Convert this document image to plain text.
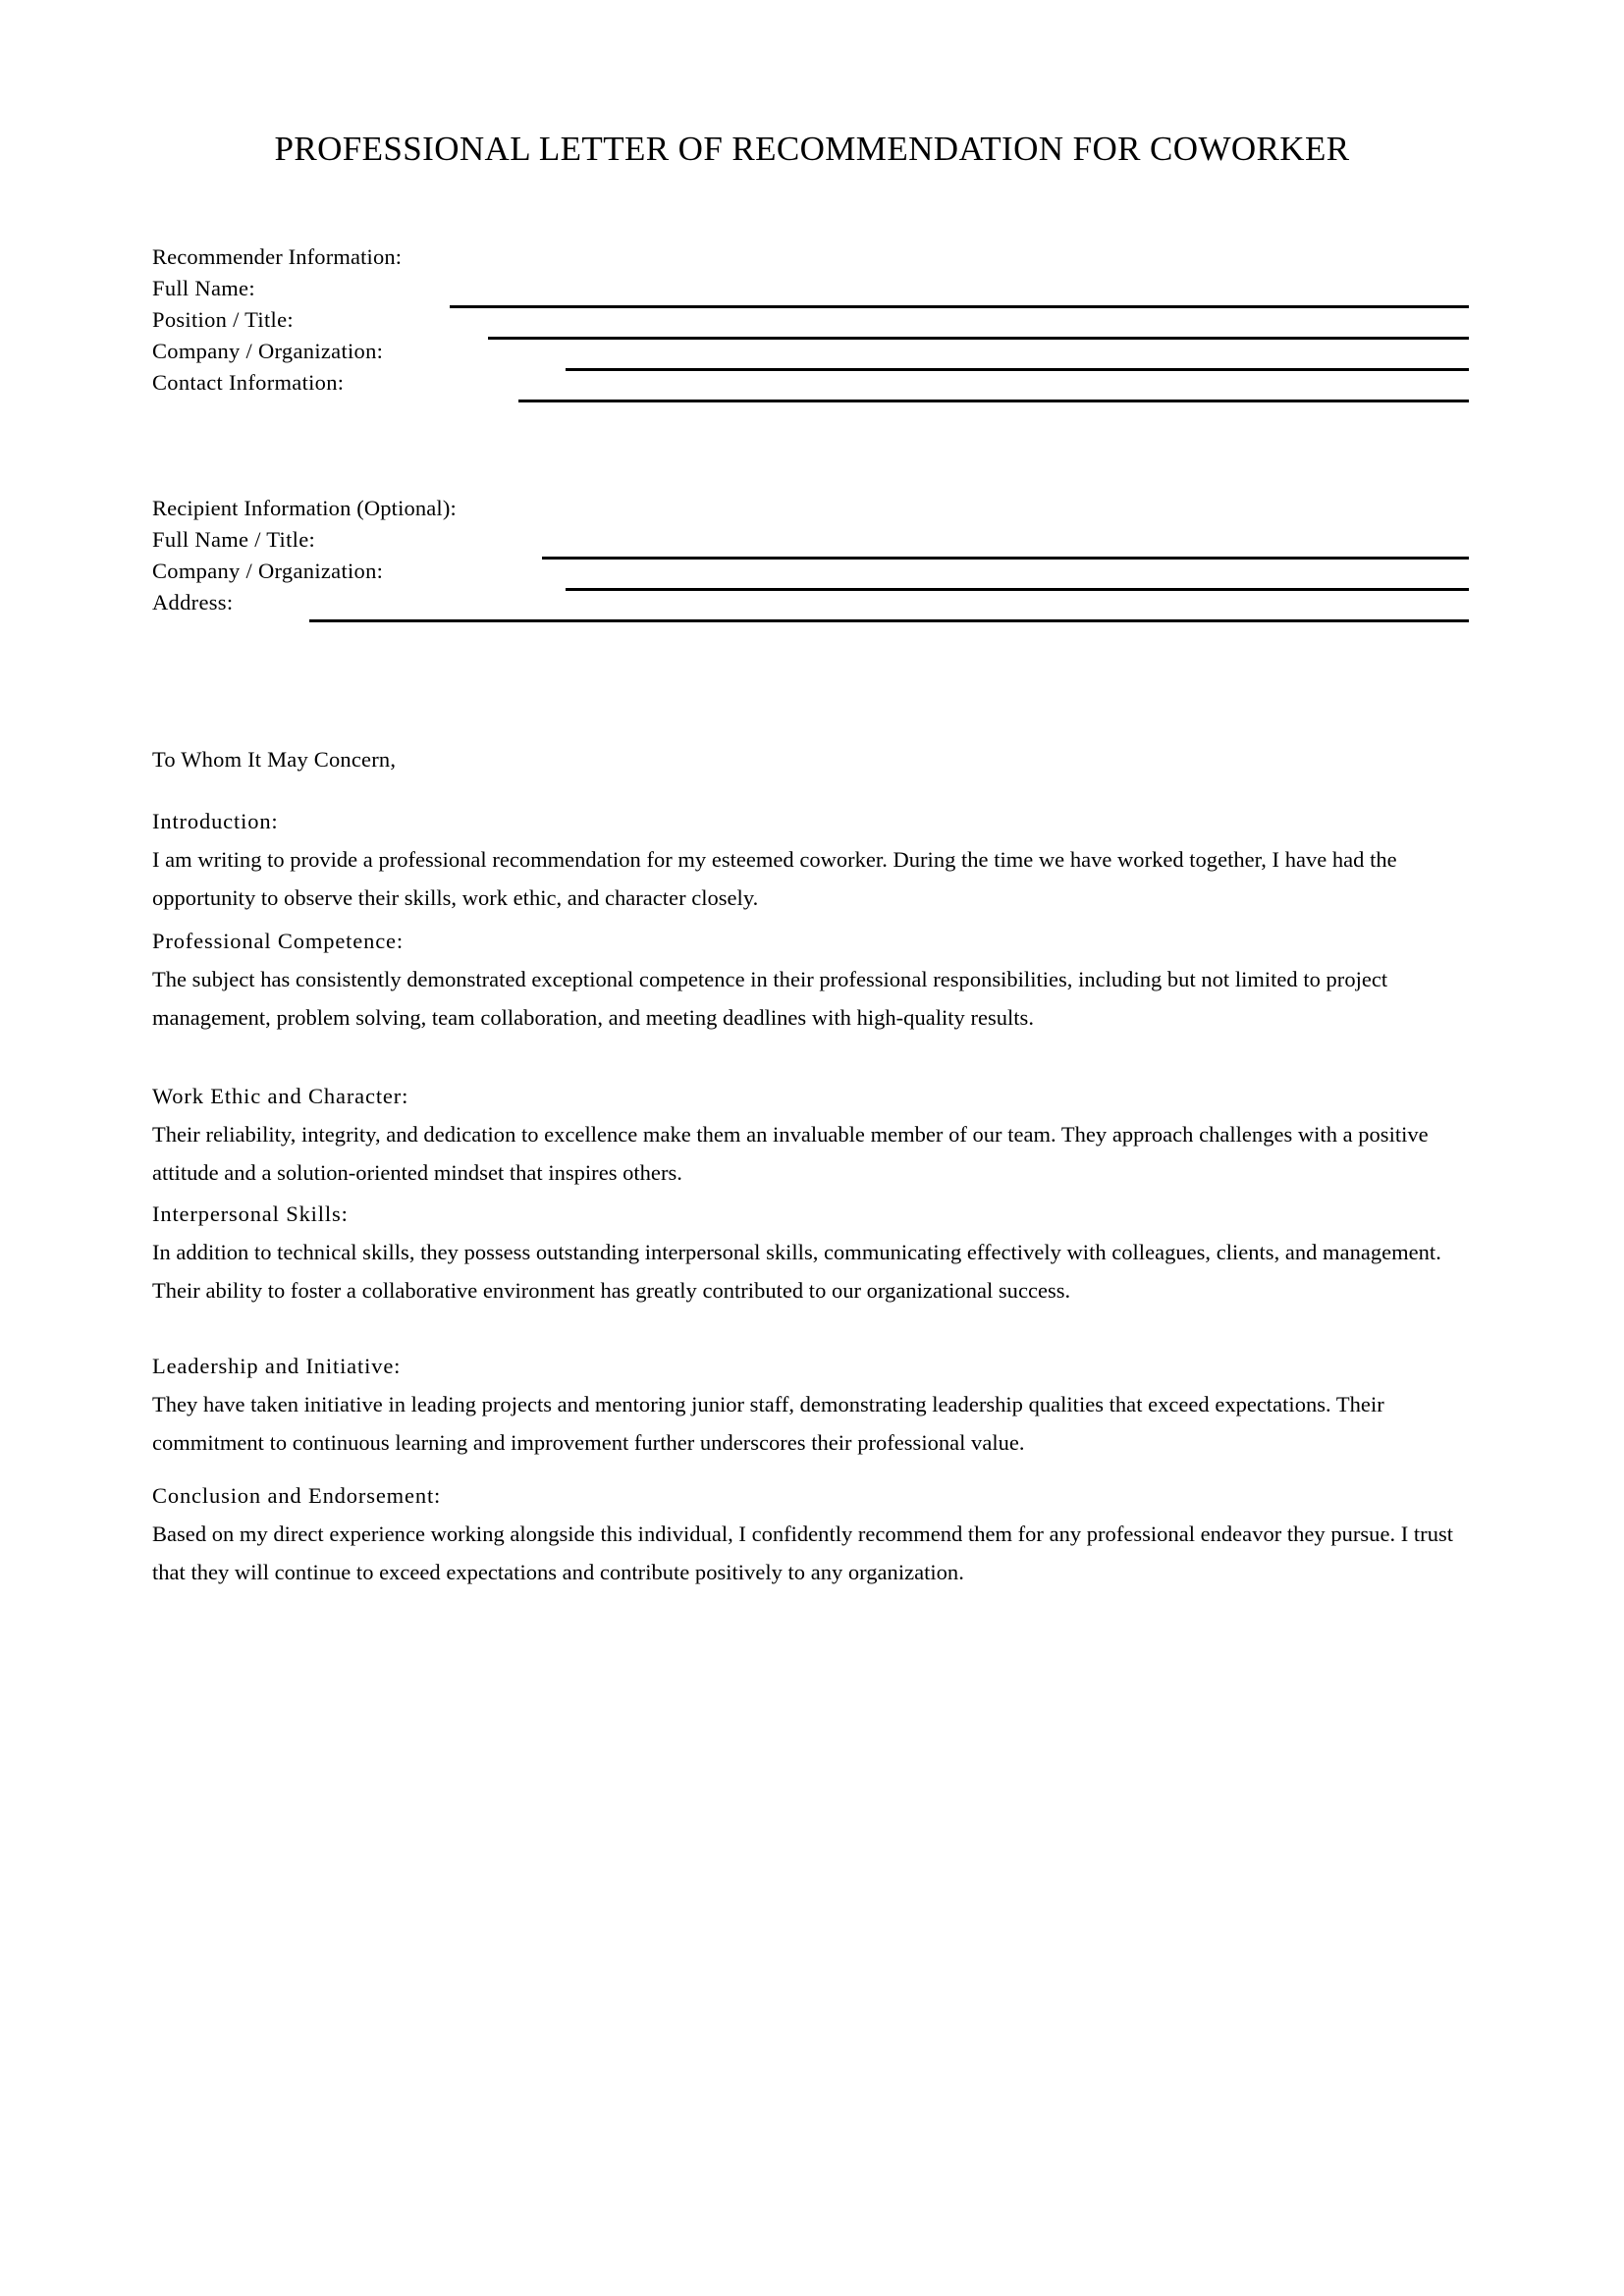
PROFESSIONAL LETTER OF RECOMMENDATION FOR COWORKER
Recommender Information:
Full Name:
Position / Title:
Company / Organization:
Contact Information:
Recipient Information (Optional):
Full Name / Title:
Company / Organization:
Address:
To Whom It May Concern,
Introduction:

I am writing to provide a professional recommendation for my esteemed coworker. During the time we have worked together, I have had the opportunity to observe their skills, work ethic, and character closely.

Professional Competence:

The subject has consistently demonstrated exceptional competence in their professional responsibilities, including but not limited to project management, problem solving, team collaboration, and meeting deadlines with high-quality results.

Work Ethic and Character:

Their reliability, integrity, and dedication to excellence make them an invaluable member of our team. They approach challenges with a positive attitude and a solution-oriented mindset that inspires others.

Interpersonal Skills:

In addition to technical skills, they possess outstanding interpersonal skills, communicating effectively with colleagues, clients, and management. Their ability to foster a collaborative environment has greatly contributed to our organizational success.

Leadership and Initiative:

They have taken initiative in leading projects and mentoring junior staff, demonstrating leadership qualities that exceed expectations. Their commitment to continuous learning and improvement further underscores their professional value.

Conclusion and Endorsement:

Based on my direct experience working alongside this individual, I confidently recommend them for any professional endeavor they pursue. I trust that they will continue to exceed expectations and contribute positively to any organization.
